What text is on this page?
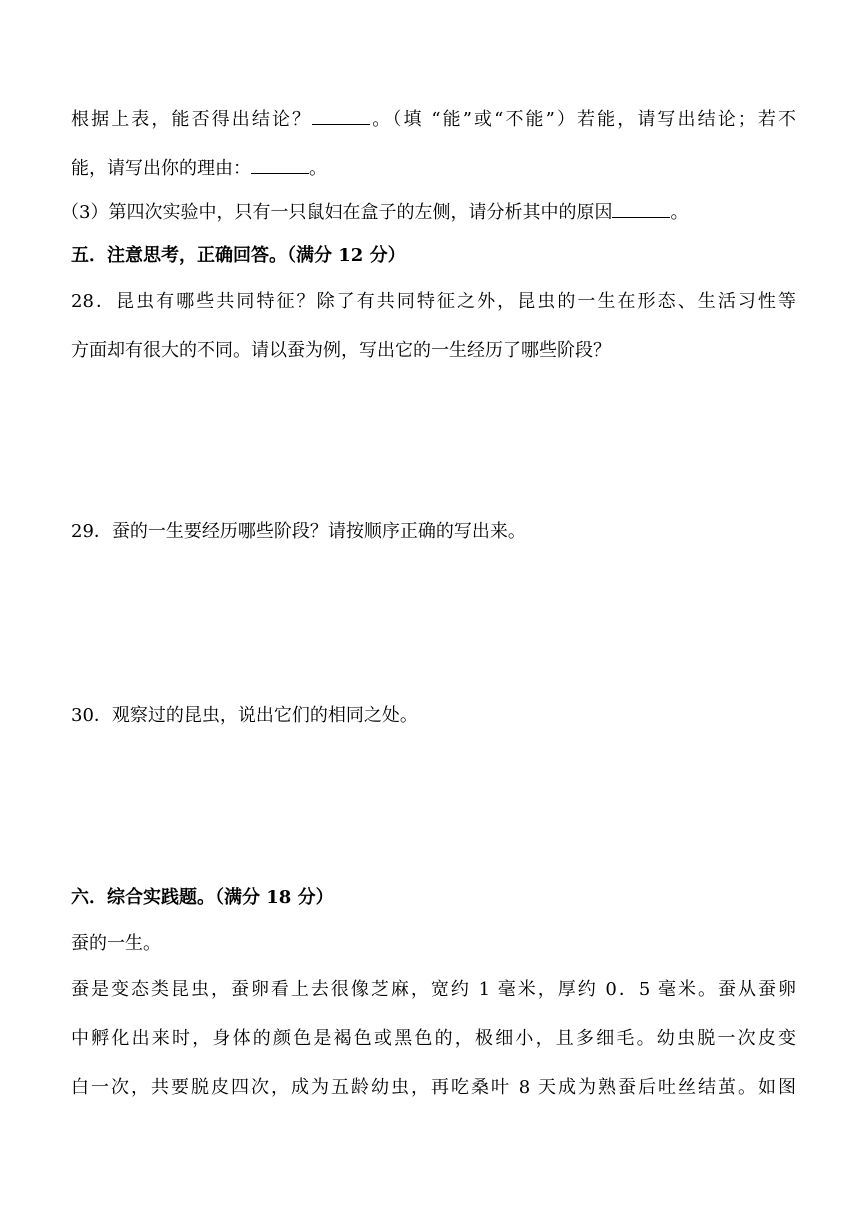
根据上表，能否得出结论？	。（填 “能”或“不能”）若能，请写出结论；若不
能，请写出你的理由：	。
（3）第四次实验中，只有一只鼠妇在盒子的左侧，请分析其中的原因	。
五．注意思考，正确回答。（满分 12 分）
28．昆虫有哪些共同特征？除了有共同特征之外，昆虫的一生在形态、生活习性等
方面却有很大的不同。请以蚕为例，写出它的一生经历了哪些阶段？
29．蚕的一生要经历哪些阶段？请按顺序正确的写出来。
30．观察过的昆虫，说出它们的相同之处。
六．综合实践题。（满分 18 分）
蚕的一生。
蚕是变态类昆虫，蚕卵看上去很像芝麻，宽约 1 毫米，厚约 0．5 毫米。蚕从蚕卵
中孵化出来时，身体的颜色是褐色或黑色的，极细小，且多细毛。幼虫脱一次皮变
白一次，共要脱皮四次，成为五龄幼虫，再吃桑叶 8 天成为熟蚕后吐丝结茧。如图
